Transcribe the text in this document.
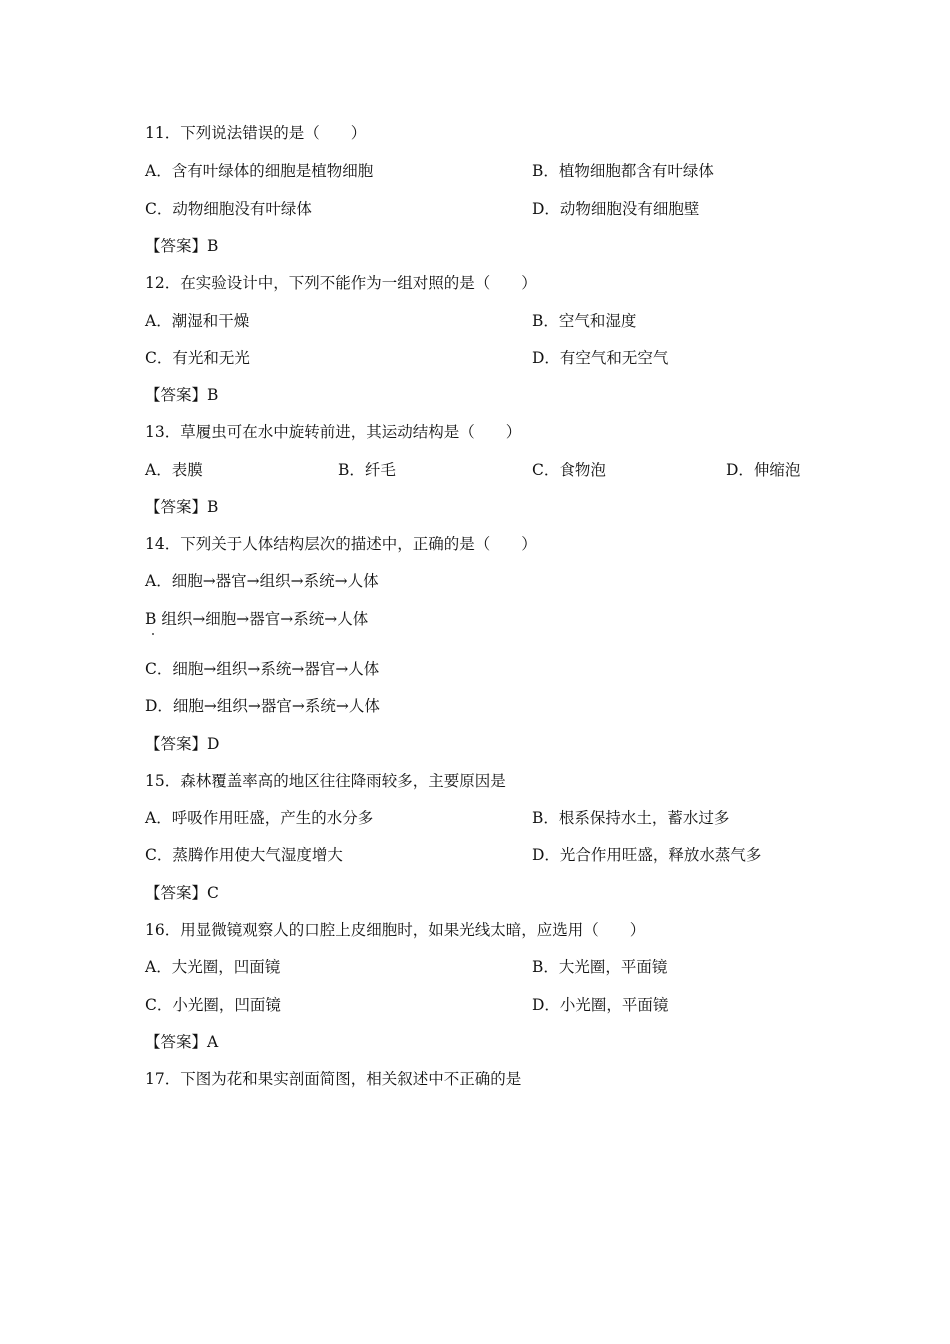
11．下列说法错误的是（　　）
A．含有叶绿体的细胞是植物细胞	B．植物细胞都含有叶绿体
C．动物细胞没有叶绿体	D．动物细胞没有细胞壁
【答案】B
12．在实验设计中，下列不能作为一组对照的是（　　）
A．潮湿和干燥	B．空气和湿度
C．有光和无光	D．有空气和无空气
【答案】B
13．草履虫可在水中旋转前进，其运动结构是（　　）
A．表膜	B．纤毛	C．食物泡	D．伸缩泡
【答案】B
14．下列关于人体结构层次的描述中，正确的是（　　）
A．细胞→器官→组织→系统→人体
B 组织→细胞→器官→系统→人体
C．细胞→组织→系统→器官→人体
D．细胞→组织→器官→系统→人体
【答案】D
15．森林覆盖率高的地区往往降雨较多，主要原因是
A．呼吸作用旺盛，产生的水分多	B．根系保持水土，蓄水过多
C．蒸腾作用使大气湿度增大	D．光合作用旺盛，释放水蒸气多
【答案】C
16．用显微镜观察人的口腔上皮细胞时，如果光线太暗，应选用（　　）
A．大光圈，凹面镜	B．大光圈，平面镜
C．小光圈，凹面镜	D．小光圈，平面镜
【答案】A
17．下图为花和果实剖面简图，相关叙述中不正确的是
